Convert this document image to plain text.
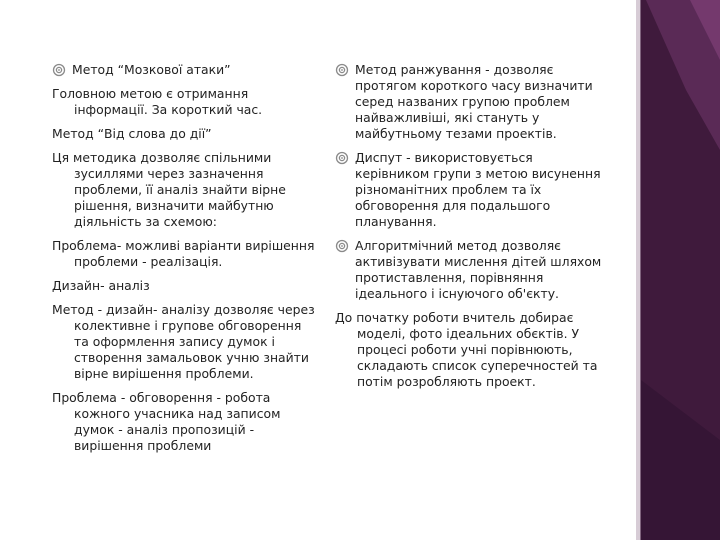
Метод “Мозкової атаки”
Головною метою є отримання інформації. За короткий час.
Метод “Від слова до дії”
Ця методика дозволяє спільними зусиллями через зазначення проблеми, її аналіз знайти вірне рішення, визначити майбутню діяльність за схемою:
Проблема- можливі варіанти вирішення проблеми - реалізація.
Дизайн- аналіз
Метод - дизайн- аналізу дозволяє через колективне і групове обговорення та оформлення запису думок і створення замальовок учню знайти вірне вирішення проблеми.
Проблема - обговорення - робота кожного учасника над записом думок - аналіз пропозицій - вирішення проблеми
Метод ранжування - дозволяє протягом короткого часу визначити серед названих групою проблем найважливіші, які стануть у майбутньому тезами проектів.
Диспут - використовується керівником групи з метою висунення різноманітних проблем та їх обговорення для подальшого планування.
Алгоритмічний метод дозволяє активізувати мислення дітей шляхом протиставлення, порівняння ідеального і існуючого об'єкту.
До початку роботи вчитель добирає моделі, фото ідеальних обєктів. У процесі роботи учні порівнюють, складають список суперечностей та потім розробляють проект.
